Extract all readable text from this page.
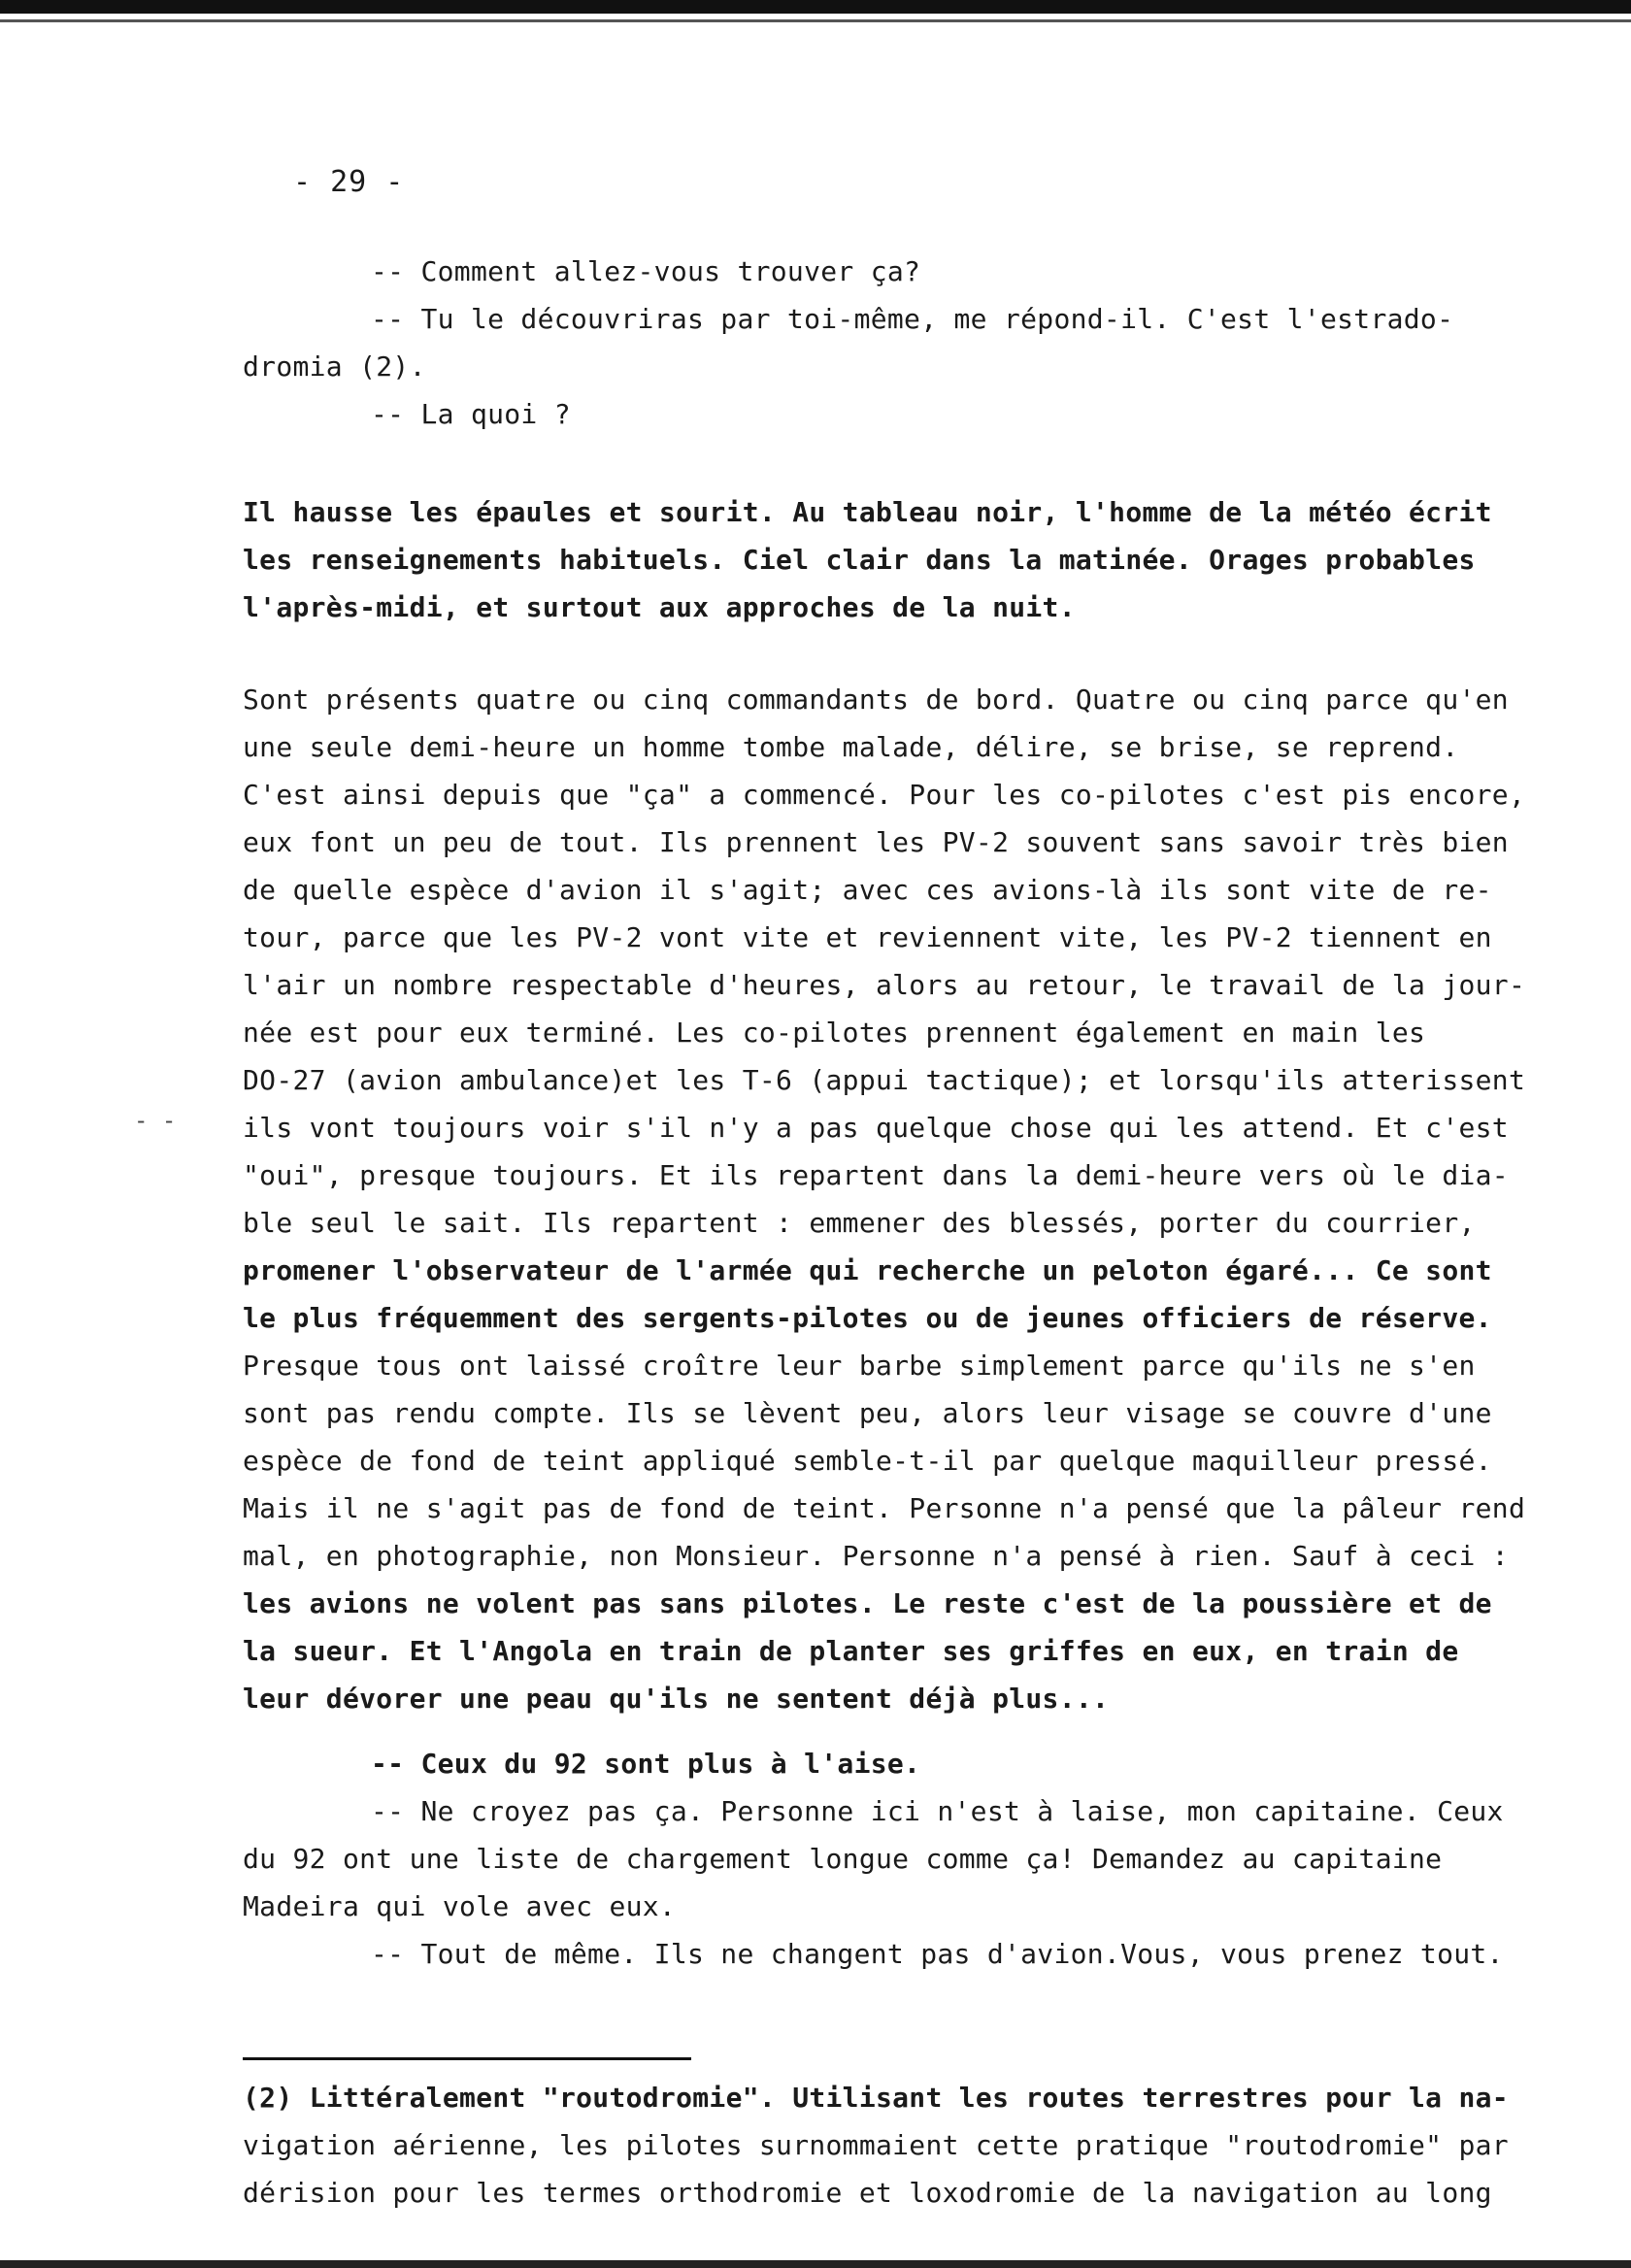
- -
- 29 -
-- Comment allez-vous trouver ça?
-- Tu le découvriras par toi-même, me répond-il. C'est l'estrado-
dromia (2).
-- La quoi ?
Il hausse les épaules et sourit. Au tableau noir, l'homme de la météo écrit
les renseignements habituels. Ciel clair dans la matinée. Orages probables
l'après-midi, et surtout aux approches de la nuit.
Sont présents quatre ou cinq commandants de bord. Quatre ou cinq parce qu'en
une seule demi-heure un homme tombe malade, délire, se brise, se reprend.
C'est ainsi depuis que "ça" a commencé. Pour les co-pilotes c'est pis encore,
eux font un peu de tout. Ils prennent les PV-2 souvent sans savoir très bien
de quelle espèce d'avion il s'agit; avec ces avions-là ils sont vite de re-
tour, parce que les PV-2 vont vite et reviennent vite, les PV-2 tiennent en
l'air un nombre respectable d'heures, alors au retour, le travail de la jour-
née est pour eux terminé. Les co-pilotes prennent également en main les
DO-27 (avion ambulance)et les T-6 (appui tactique); et lorsqu'ils atterissent
ils vont toujours voir s'il n'y a pas quelque chose qui les attend. Et c'est
"oui", presque toujours. Et ils repartent dans la demi-heure vers où le dia-
ble seul le sait. Ils repartent : emmener des blessés, porter du courrier,
promener l'observateur de l'armée qui recherche un peloton égaré... Ce sont
le plus fréquemment des sergents-pilotes ou de jeunes officiers de réserve.
Presque tous ont laissé croître leur barbe simplement parce qu'ils ne s'en
sont pas rendu compte. Ils se lèvent peu, alors leur visage se couvre d'une
espèce de fond de teint appliqué semble-t-il par quelque maquilleur pressé.
Mais il ne s'agit pas de fond de teint. Personne n'a pensé que la pâleur rend
mal, en photographie, non Monsieur. Personne n'a pensé à rien. Sauf à ceci :
les avions ne volent pas sans pilotes. Le reste c'est de la poussière et de
la sueur. Et l'Angola en train de planter ses griffes en eux, en train de
leur dévorer une peau qu'ils ne sentent déjà plus...
-- Ceux du 92 sont plus à l'aise.
-- Ne croyez pas ça. Personne ici n'est à laise, mon capitaine. Ceux
du 92 ont une liste de chargement longue comme ça! Demandez au capitaine
Madeira qui vole avec eux.
-- Tout de même. Ils ne changent pas d'avion.Vous, vous prenez tout.
(2) Littéralement "routodromie". Utilisant les routes terrestres pour la na-
vigation aérienne, les pilotes surnommaient cette pratique "routodromie" par
dérision pour les termes orthodromie et loxodromie de la navigation au long
